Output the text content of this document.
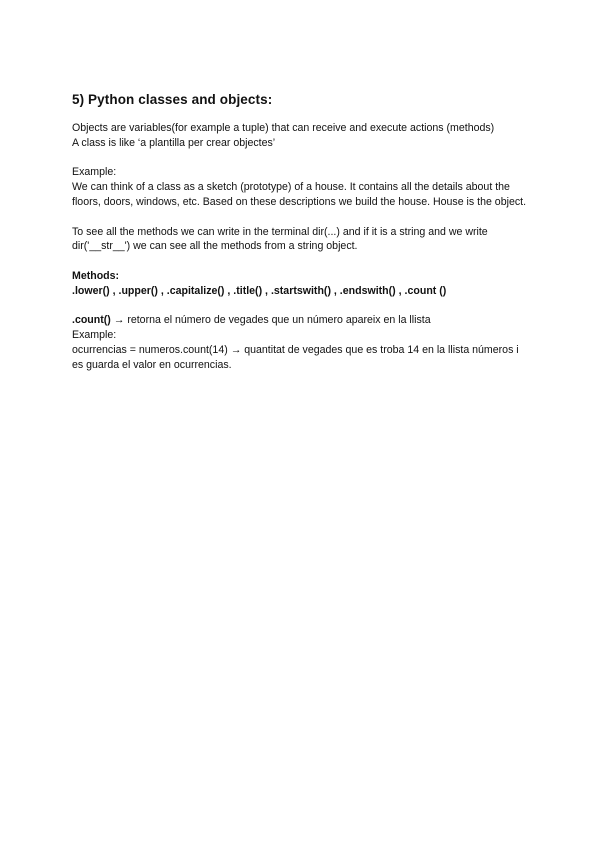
5) Python classes and objects:

Objects are variables(for example a tuple) that can receive and execute actions (methods)

A class is like ‘a plantilla per crear objectes’

Example:

We can think of a class as a sketch (prototype) of a house. It contains all the details about the floors, doors, windows, etc. Based on these descriptions we build the house. House is the object.

To see all the methods we can write in the terminal dir(...) and if it is a string and we write dir('__str__') we can see all the methods from a string object.

Methods:

.lower() , .upper() , .capitalize() , .title() , .startswith() , .endswith() , .count ()

.count() → retorna el número de vegades que un número apareix en la llista

Example:

ocurrencias = numeros.count(14) → quantitat de vegades que es troba 14 en la llista números i es guarda el valor en ocurrencias.
